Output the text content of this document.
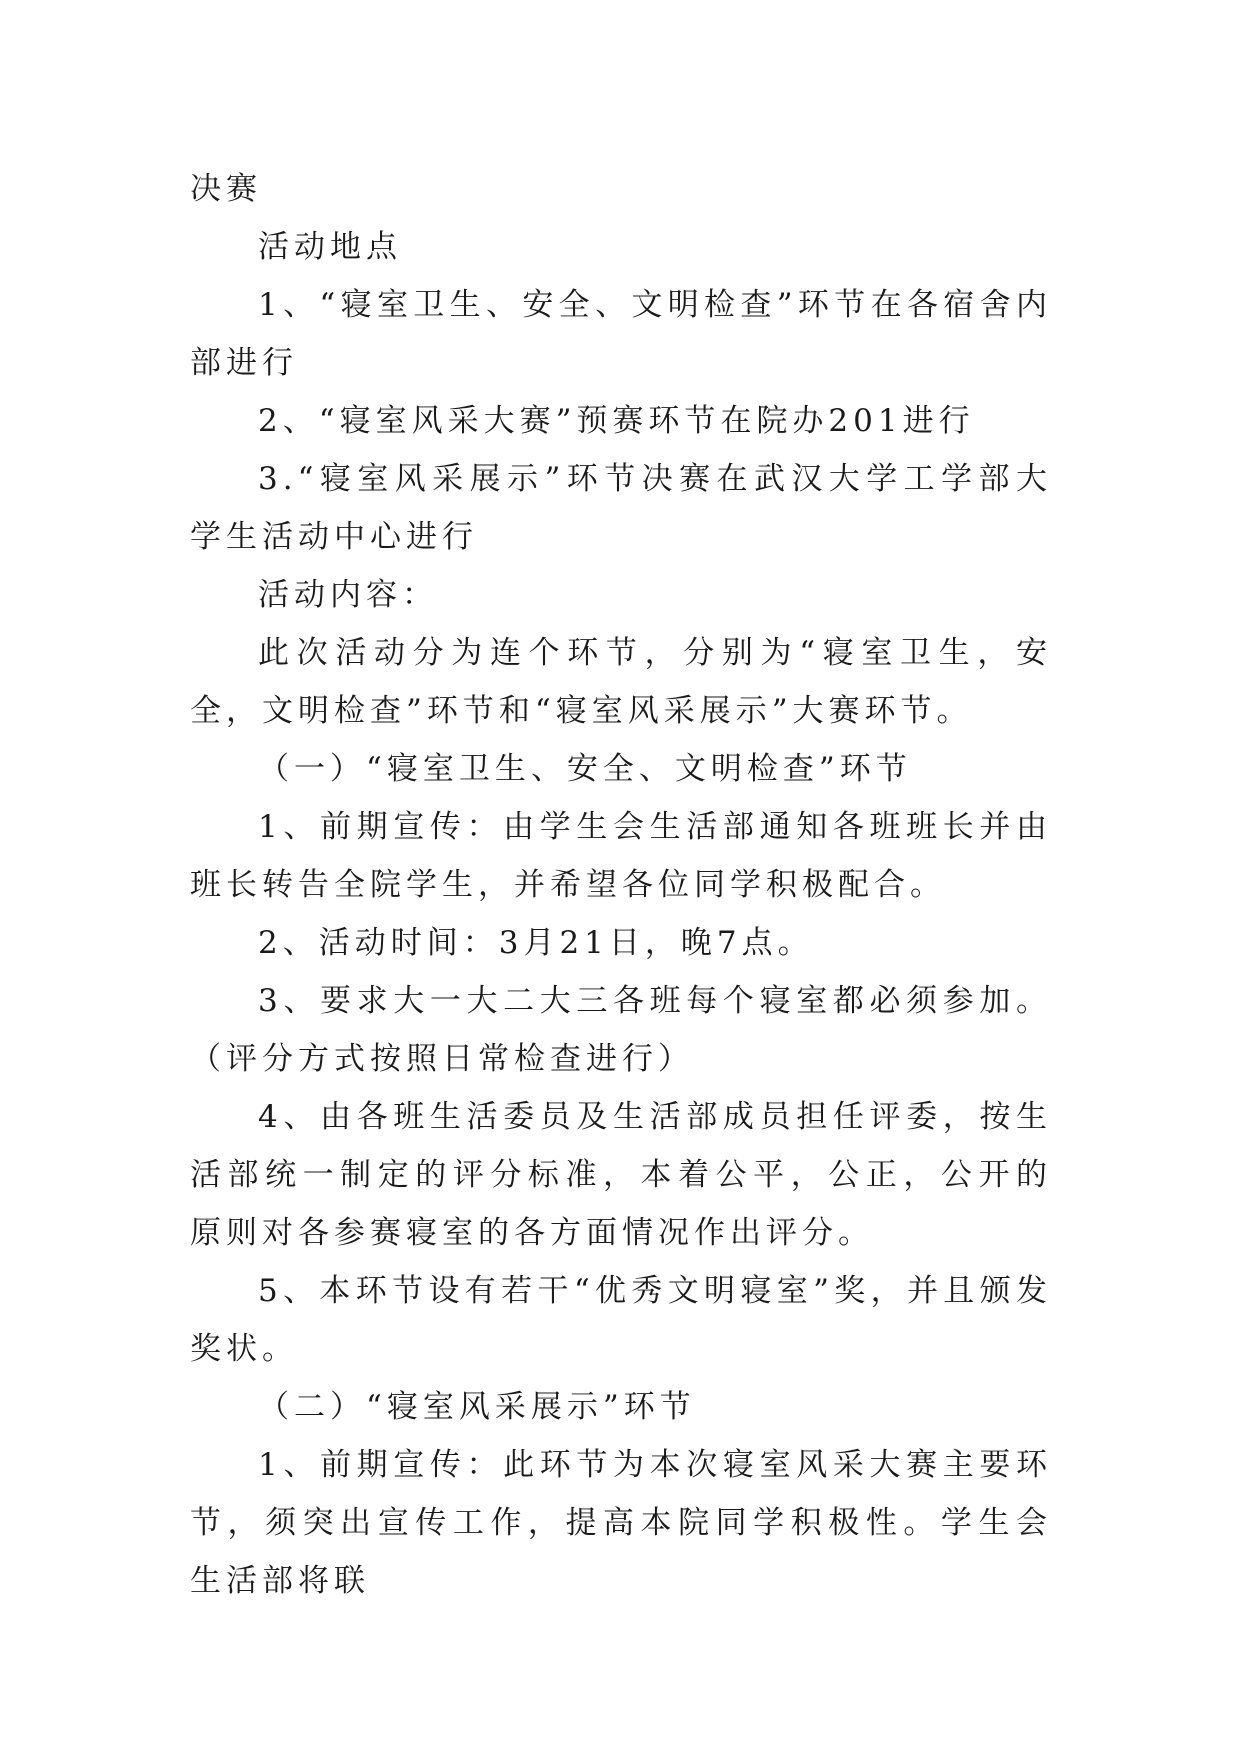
决赛

活动地点

1、“寝室卫生、安全、文明检查”环节在各宿舍内部进行

2、“寝室风采大赛”预赛环节在院办201进行

3.“寝室风采展示”环节决赛在武汉大学工学部大学生活动中心进行

活动内容：

此次活动分为连个环节，分别为“寝室卫生，安全，文明检查”环节和“寝室风采展示”大赛环节。

（一）“寝室卫生、安全、文明检查”环节

1、前期宣传：由学生会生活部通知各班班长并由班长转告全院学生，并希望各位同学积极配合。

2、活动时间：3月21日，晚7点。

3、要求大一大二大三各班每个寝室都必须参加。（评分方式按照日常检查进行）

4、由各班生活委员及生活部成员担任评委，按生活部统一制定的评分标准，本着公平，公正，公开的原则对各参赛寝室的各方面情况作出评分。

5、本环节设有若干“优秀文明寝室”奖，并且颁发奖状。

（二）“寝室风采展示”环节

1、前期宣传：此环节为本次寝室风采大赛主要环节，须突出宣传工作，提高本院同学积极性。学生会生活部将联
